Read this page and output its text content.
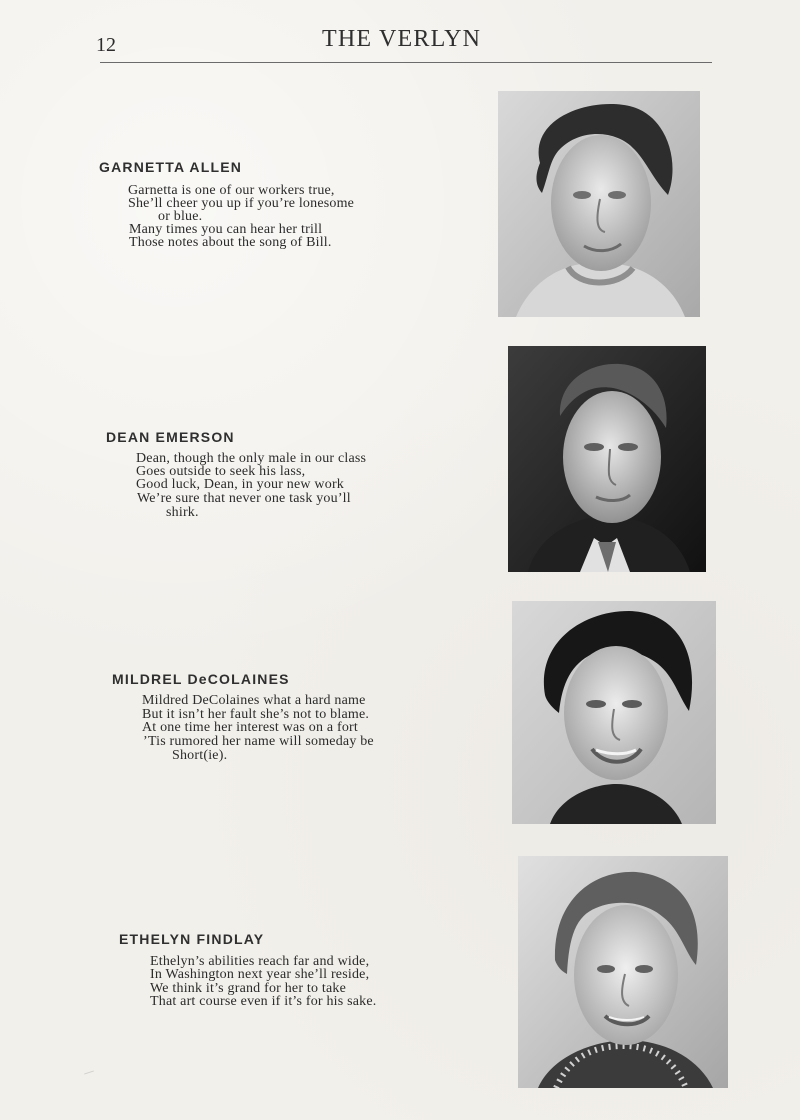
12	THE VERLYN
GARNETTA ALLEN
Garnetta is one of our workers true,
She’ll cheer you up if you’re lonesome
or blue.
Many times you can hear her trill
Those notes about the song of Bill.
DEAN EMERSON
Dean, though the only male in our class
Goes outside to seek his lass,
Good luck, Dean, in your new work
We’re sure that never one task you’ll
shirk.
MILDREL DeCOLAINES
Mildred DeColaines what a hard name
But it isn’t her fault she’s not to blame.
At one time her interest was on a fort
’Tis rumored her name will someday be
Short(ie).
ETHELYN FINDLAY
Ethelyn’s abilities reach far and wide,
In Washington next year she’ll reside,
We think it’s grand for her to take
That art course even if it’s for his sake.
